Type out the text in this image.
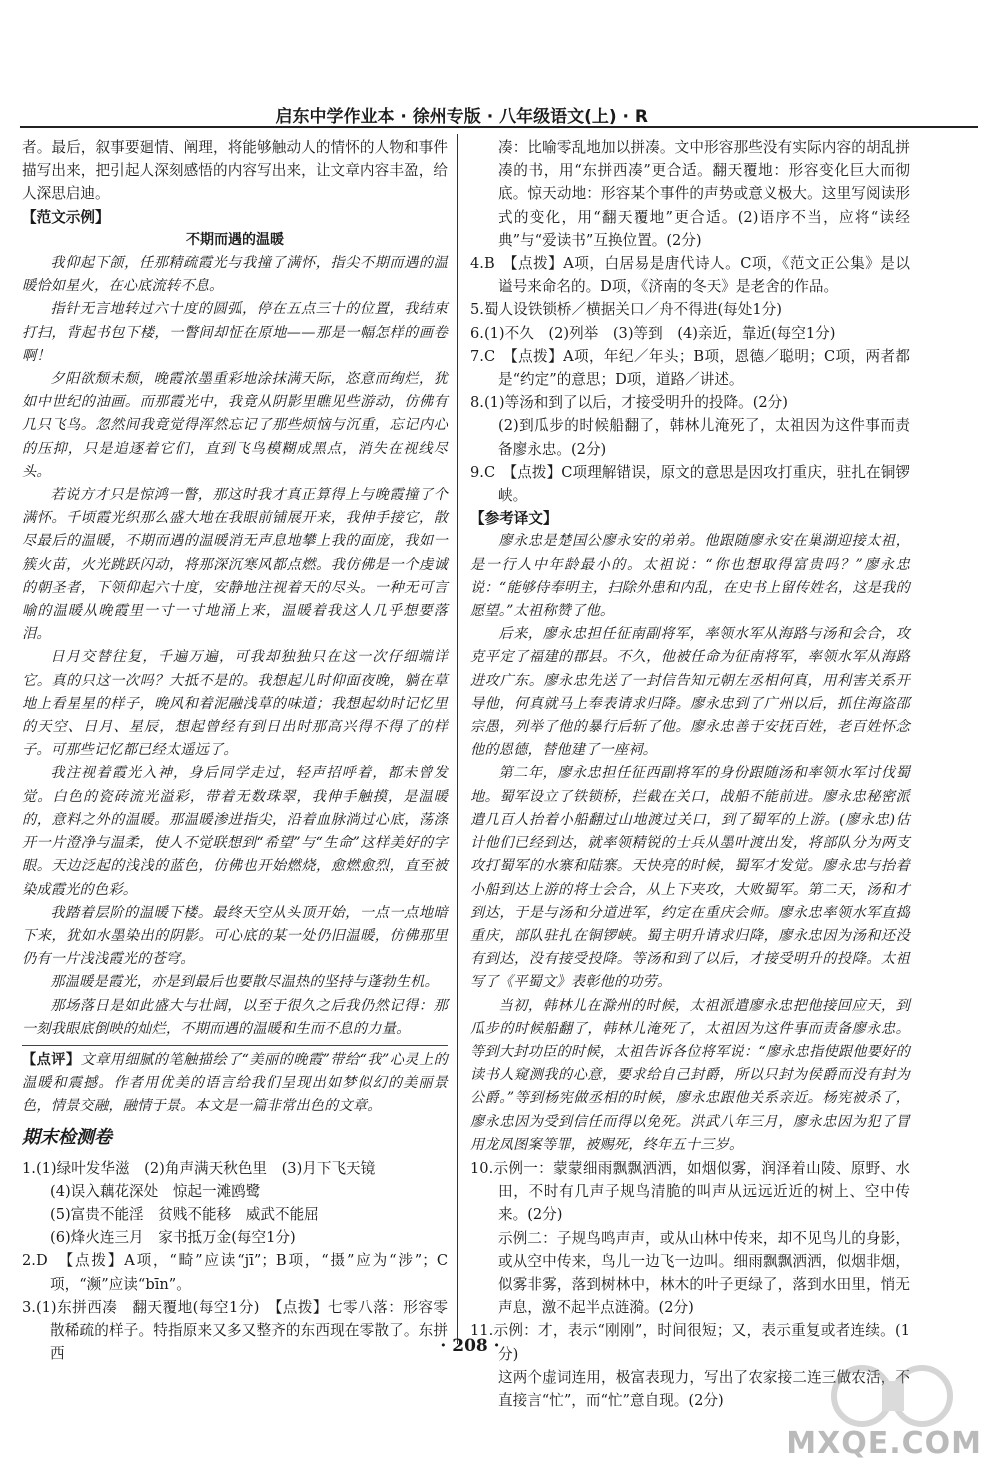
启东中学作业本 · 徐州专版 · 八年级语文(上) · R

者。最后，叙事要廻情、阐理，将能够触动人的情怀的人物和事件描写出来，把引起人深刻感悟的内容写出来，让文章内容丰盈，给人深思启迪。

【范文示例】

不期而遇的温暖

我仰起下颌，任那精疏霞光与我撞了满怀，指尖不期而遇的温暖恰如星火，在心底流转不息。

指针无言地转过六十度的圆弧，停在五点三十的位置，我结束打扫，背起书包下楼，一瞥间却怔在原地——那是一幅怎样的画卷啊！

夕阳欲颓未颓，晚霞浓墨重彩地涂抹满天际，恣意而绚烂，犹如中世纪的油画。而那霞光中，我竟从阴影里瞧见些游动，仿佛有几只飞鸟。忽然间我竟觉得浑然忘记了那些烦恼与沉重，忘记内心的压抑，只是追逐着它们，直到飞鸟模糊成黑点，消失在视线尽头。

若说方才只是惊鸿一瞥，那这时我才真正算得上与晚霞撞了个满怀。千顷霞光织那么盛大地在我眼前铺展开来，我伸手接它，散尽最后的温暖，不期而遇的温暖消无声息地攀上我的面庞，我如一簇火苗，火光跳跃闪动，将那深沉寒风都点燃。我仿佛是一个虔诚的朝圣者，下领仰起六十度，安静地注视着天的尽头。一种无可言喻的温暖从晚霞里一寸一寸地涌上来，温暖着我这人几乎想要落泪。

日月交替往复，千遍万遍，可我却独独只在这一次仔细端详它。真的只这一次吗？大抵不是的。我想起儿时仰面夜晚，躺在草地上看星星的样子，晚风和着泥融浅草的味道；我想起幼时记忆里的天空、日月、星辰，想起曾经有到日出时那高兴得不得了的样子。可那些记忆都已经太遥远了。

我注视着霞光入神，身后同学走过，轻声招呼着，都未曾发觉。白色的瓷砖流光溢彩，带着无数珠翠，我伸手触摸，是温暖的，意料之外的温暖。那温暖渗进指尖，沿着血脉淌过心底，荡涤开一片澄净与温柔，使人不觉联想到“希望”与“生命”这样美好的字眼。天边泛起的浅浅的蓝色，仿佛也开始燃烧，愈燃愈烈，直至被染成霞光的色彩。

我踏着层阶的温暖下楼。最终天空从头顶开始，一点一点地暗下来，犹如水墨染出的阴影。可心底的某一处仍旧温暖，仿佛那里仍有一片浅浅霞光的苍穹。

那温暖是霞光，亦是到最后也要散尽温热的坚持与蓬勃生机。

那场落日是如此盛大与壮阔，以至于很久之后我仍然记得：那一刻我眼底倒映的灿烂，不期而遇的温暖和生而不息的力量。

【点评】文章用细腻的笔触描绘了“美丽的晚霞”带给“我”心灵上的温暖和震撼。作者用优美的语言给我们呈现出如梦似幻的美丽景色，情景交融，融情于景。本文是一篇非常出色的文章。

期末检测卷

1.(1)绿叶发华滋　(2)角声满天秋色里　(3)月下飞天镜

(4)误入藕花深处　惊起一滩鸥鹭

(5)富贵不能淫　贫贱不能移　威武不能屈

(6)烽火连三月　家书抵万金(每空1分)

2.D　【点拨】A项，“畸”应读“jī”；B项，“摄”应为“涉”；C项，“濒”应读“bīn”。

3.(1)东拼西凑　翻天覆地(每空1分)　【点拨】七零八落：形容零散稀疏的样子。特指原来又多又整齐的东西现在零散了。东拼西

凑：比喻零乱地加以拼凑。文中形容那些没有实际内容的胡乱拼凑的书，用“东拼西凑”更合适。翻天覆地：形容变化巨大而彻底。惊天动地：形容某个事件的声势或意义极大。这里写阅读形式的变化，用“翻天覆地”更合适。(2)语序不当，应将“读经典”与“爱读书”互换位置。(2分)

4.B　【点拨】A项，白居易是唐代诗人。C项，《范文正公集》是以谥号来命名的。D项，《济南的冬天》是老舍的作品。

5.蜀人设铁锁桥／横据关口／舟不得进(每处1分)

6.(1)不久　(2)列举　(3)等到　(4)亲近，靠近(每空1分)

7.C　【点拨】A项，年纪／年头；B项，恩德／聪明；C项，两者都是“约定”的意思；D项，道路／讲述。

8.(1)等汤和到了以后，才接受明升的投降。(2分)

(2)到瓜步的时候船翻了，韩林儿淹死了，太祖因为这件事而责备廖永忠。(2分)

9.C　【点拨】C项理解错误，原文的意思是因攻打重庆，驻扎在铜锣峡。

【参考译文】

廖永忠是楚国公廖永安的弟弟。他跟随廖永安在巢湖迎接太祖，是一行人中年龄最小的。太祖说：“你也想取得富贵吗？”廖永忠说：“能够侍奉明主，扫除外患和内乱，在史书上留传姓名，这是我的愿望。”太祖称赞了他。

后来，廖永忠担任征南副将军，率领水军从海路与汤和会合，攻克平定了福建的郡县。不久，他被任命为征南将军，率领水军从海路进攻广东。廖永忠先送了一封信告知元朝左丞相何真，用利害关系开导他，何真就马上奉表请求归降。廖永忠到了广州以后，抓住海盗邵宗愚，列举了他的暴行后斩了他。廖永忠善于安抚百姓，老百姓怀念他的恩德，替他建了一座祠。

第二年，廖永忠担任征西副将军的身份跟随汤和率领水军讨伐蜀地。蜀军设立了铁锁桥，拦截在关口，战船不能前进。廖永忠秘密派遣几百人抬着小船翻过山地渡过关口，到了蜀军的上游。(廖永忠)估计他们已经到达，就率领精锐的士兵从墨叶渡出发，将部队分为两支攻打蜀军的水寨和陆寨。天快亮的时候，蜀军才发觉。廖永忠与抬着小船到达上游的将士会合，从上下夹攻，大败蜀军。第二天，汤和才到达，于是与汤和分道进军，约定在重庆会师。廖永忠率领水军直捣重庆，部队驻扎在铜锣峡。蜀主明升请求归降，廖永忠因为汤和还没有到达，没有接受投降。等汤和到了以后，才接受明升的投降。太祖写了《平蜀文》表彰他的功劳。

当初，韩林儿在滁州的时候，太祖派遣廖永忠把他接回应天，到瓜步的时候船翻了，韩林儿淹死了，太祖因为这件事而责备廖永忠。等到大封功臣的时候，太祖告诉各位将军说：“廖永忠指使跟他要好的读书人窥测我的心意，要求给自己封爵，所以只封为侯爵而没有封为公爵。”等到杨宪做丞相的时候，廖永忠跟他关系亲近。杨宪被杀了，廖永忠因为受到信任而得以免死。洪武八年三月，廖永忠因为犯了冒用龙凤图案等罪，被赐死，终年五十三岁。

10.示例一：蒙蒙细雨飘飘洒洒，如烟似雾，润泽着山陵、原野、水田，不时有几声子规鸟清脆的叫声从远远近近的树上、空中传来。(2分)

示例二：子规鸟鸣声声，或从山林中传来，却不见鸟儿的身影，或从空中传来，鸟儿一边飞一边叫。细雨飘飘洒洒，似烟非烟，似雾非雾，落到树林中，林木的叶子更绿了，落到水田里，悄无声息，激不起半点涟漪。(2分)

11.示例：才，表示“刚刚”，时间很短；又，表示重复或者连续。(1分)

这两个虚词连用，极富表现力，写出了农家接二连三做农活，不直接言“忙”，而“忙”意自现。(2分)

· 208 ·
MXQE.COM
